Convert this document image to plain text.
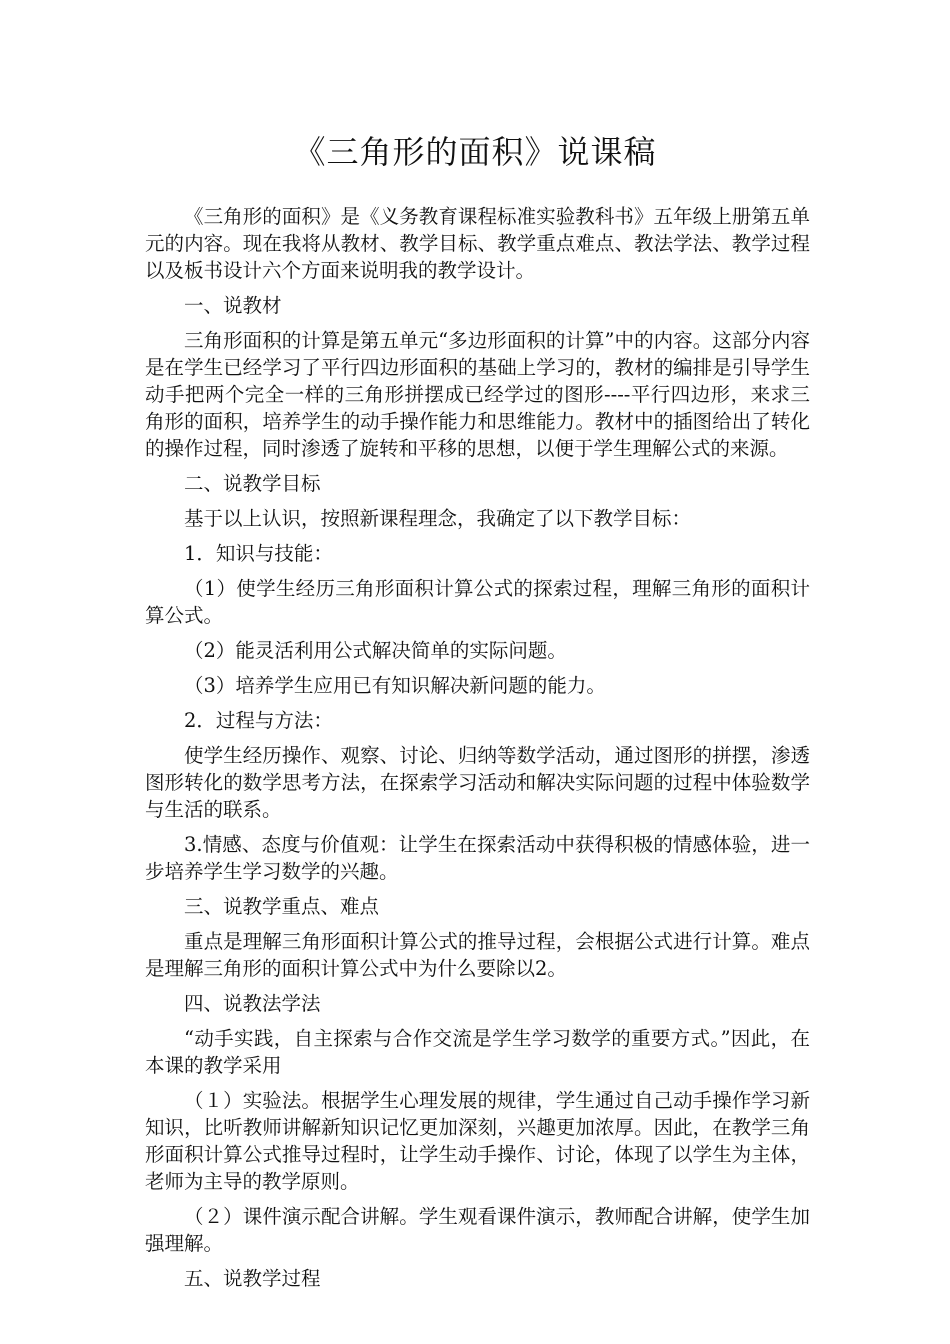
《三角形的面积》说课稿

《三角形的面积》是《义务教育课程标准实验教科书》五年级上册第五单元的内容。现在我将从教材、教学目标、教学重点难点、教法学法、教学过程以及板书设计六个方面来说明我的教学设计。

一、说教材

三角形面积的计算是第五单元“多边形面积的计算”中的内容。这部分内容是在学生已经学习了平行四边形面积的基础上学习的，教材的编排是引导学生动手把两个完全一样的三角形拼摆成已经学过的图形----平行四边形，来求三角形的面积，培养学生的动手操作能力和思维能力。教材中的插图给出了转化的操作过程，同时渗透了旋转和平移的思想，以便于学生理解公式的来源。

二、说教学目标

基于以上认识，按照新课程理念，我确定了以下教学目标：

1．知识与技能：

（1）使学生经历三角形面积计算公式的探索过程，理解三角形的面积计算公式。

（2）能灵活利用公式解决简单的实际问题。

（3）培养学生应用已有知识解决新问题的能力。

2．过程与方法：

使学生经历操作、观察、讨论、归纳等数学活动，通过图形的拼摆，渗透图形转化的数学思考方法，在探索学习活动和解决实际问题的过程中体验数学与生活的联系。

3.情感、态度与价值观：让学生在探索活动中获得积极的情感体验，进一步培养学生学习数学的兴趣。

三、说教学重点、难点

重点是理解三角形面积计算公式的推导过程，会根据公式进行计算。难点是理解三角形的面积计算公式中为什么要除以2。

四、说教法学法

“动手实践，自主探索与合作交流是学生学习数学的重要方式。”因此，在本课的教学采用

（１）实验法。根据学生心理发展的规律，学生通过自己动手操作学习新知识，比听教师讲解新知识记忆更加深刻，兴趣更加浓厚。因此，在教学三角形面积计算公式推导过程时，让学生动手操作、讨论，体现了以学生为主体，老师为主导的教学原则。

（２）课件演示配合讲解。学生观看课件演示，教师配合讲解，使学生加强理解。

五、说教学过程
